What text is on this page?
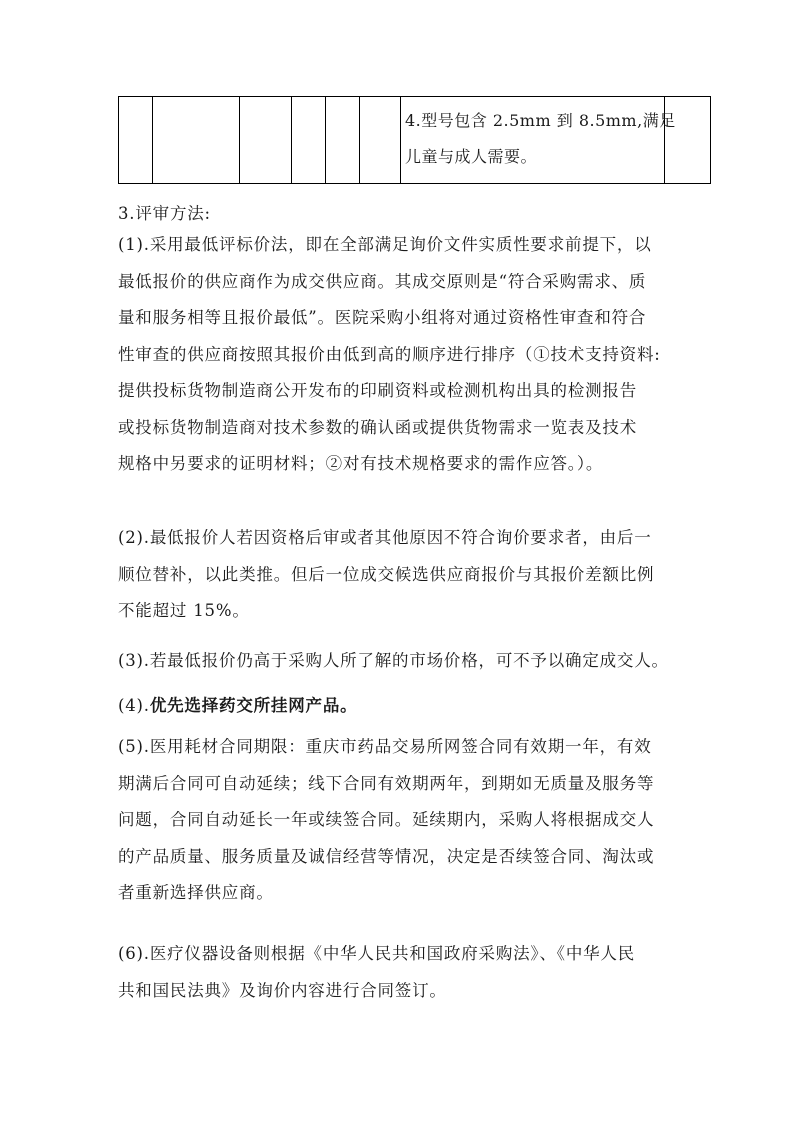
4.型号包含 2.5mm 到 8.5mm,满足
儿童与成人需要。

3.评审方法:

(1).采用最低评标价法，即在全部满足询价文件实质性要求前提下，以
最低报价的供应商作为成交供应商。其成交原则是“符合采购需求、质
量和服务相等且报价最低”。医院采购小组将对通过资格性审查和符合
性审查的供应商按照其报价由低到高的顺序进行排序（①技术支持资料:
提供投标货物制造商公开发布的印刷资料或检测机构出具的检测报告
或投标货物制造商对技术参数的确认函或提供货物需求一览表及技术
规格中另要求的证明材料；②对有技术规格要求的需作应答。）。

(2).最低报价人若因资格后审或者其他原因不符合询价要求者，由后一
顺位替补，以此类推。但后一位成交候选供应商报价与其报价差额比例
不能超过 15%。

(3).若最低报价仍高于采购人所了解的市场价格，可不予以确定成交人。

(4).优先选择药交所挂网产品。

(5).医用耗材合同期限：重庆市药品交易所网签合同有效期一年，有效
期满后合同可自动延续；线下合同有效期两年，到期如无质量及服务等
问题，合同自动延长一年或续签合同。延续期内，采购人将根据成交人
的产品质量、服务质量及诚信经营等情况，决定是否续签合同、淘汰或
者重新选择供应商。

(6).医疗仪器设备则根据《中华人民共和国政府采购法》、《中华人民
共和国民法典》及询价内容进行合同签订。
